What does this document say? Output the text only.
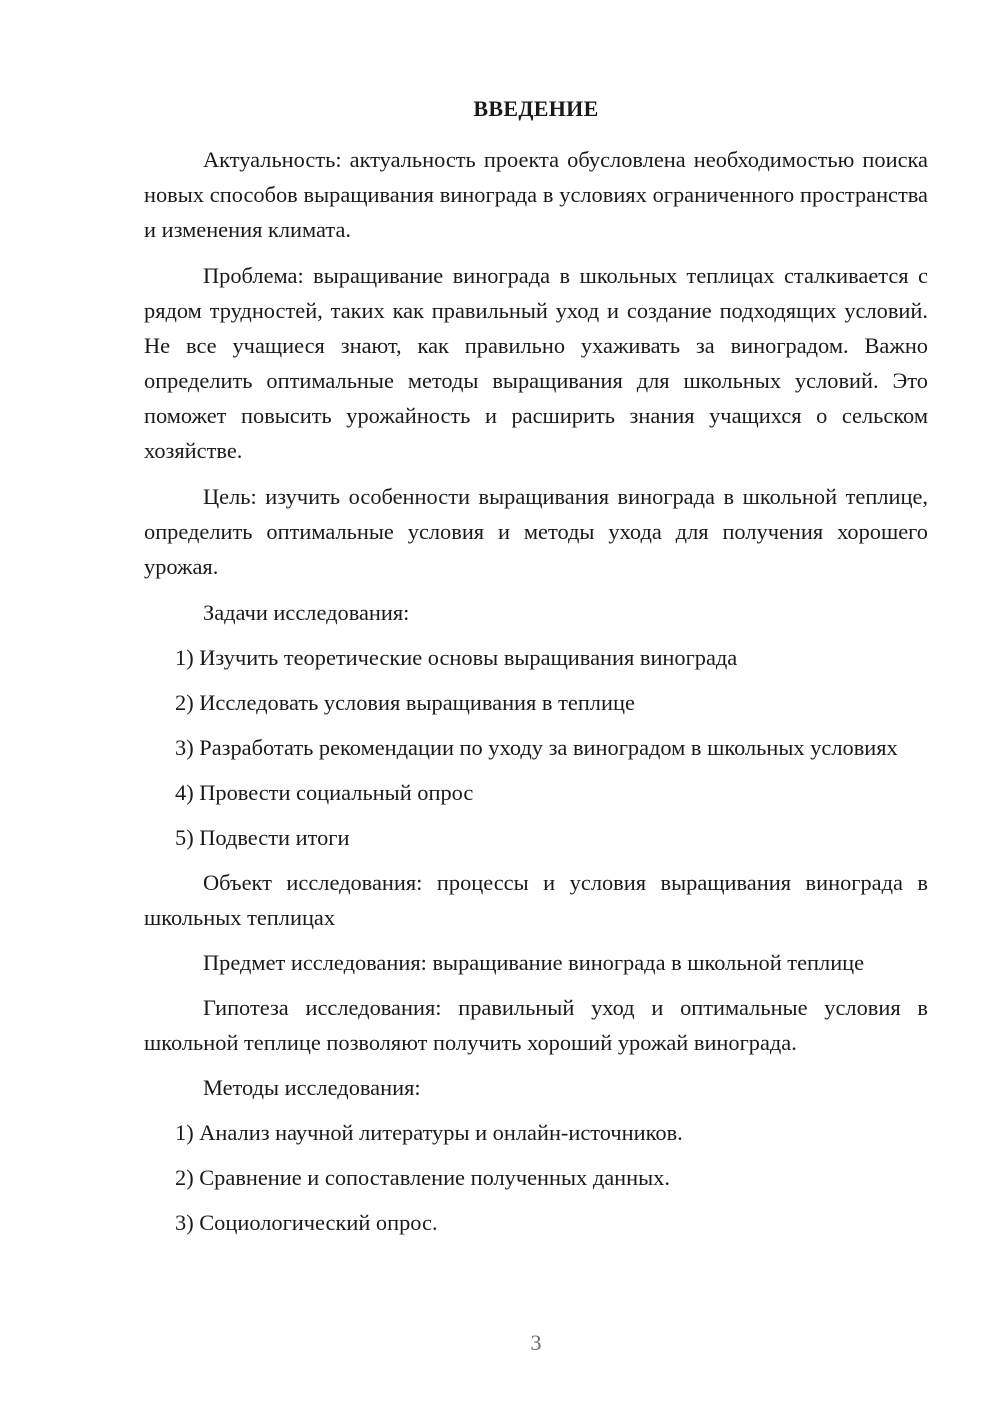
ВВЕДЕНИЕ

Актуальность: актуальность проекта обусловлена необходимостью поиска новых способов выращивания винограда в условиях ограниченного пространства и изменения климата.

Проблема: выращивание винограда в школьных теплицах сталкивается с рядом трудностей, таких как правильный уход и создание подходящих условий. Не все учащиеся знают, как правильно ухаживать за виноградом. Важно определить оптимальные методы выращивания для школьных условий. Это поможет повысить урожайность и расширить знания учащихся о сельском хозяйстве.

Цель: изучить особенности выращивания винограда в школьной теплице, определить оптимальные условия и методы ухода для получения хорошего урожая.

Задачи исследования:

1) Изучить теоретические основы выращивания винограда

2) Исследовать условия выращивания в теплице

3) Разработать рекомендации по уходу за виноградом в школьных условиях

4) Провести социальный опрос

5) Подвести итоги

Объект исследования: процессы и условия выращивания винограда в школьных теплицах

Предмет исследования: выращивание винограда в школьной теплице

Гипотеза исследования: правильный уход и оптимальные условия в школьной теплице позволяют получить хороший урожай винограда.

Методы исследования:

1) Анализ научной литературы и онлайн-источников.

2) Сравнение и сопоставление полученных данных.

3) Социологический опрос.

3
